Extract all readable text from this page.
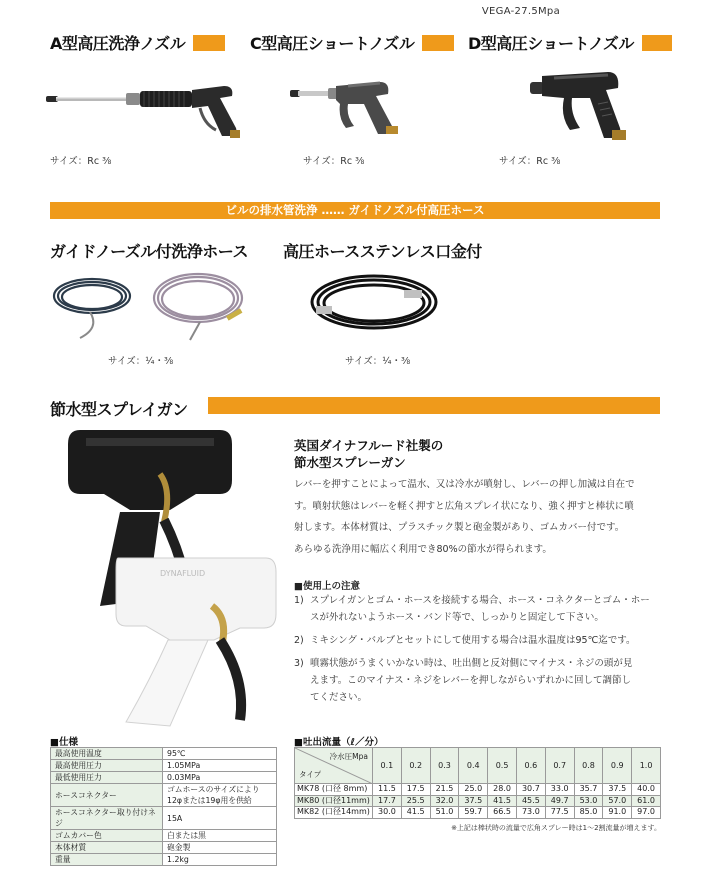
VEGA-27.5Mpa
A型高圧洗浄ノズル	C型高圧ショートノズル	D型高圧ショートノズル
サイズ：Rc ⅜	サイズ：Rc ⅜	サイズ：Rc ⅜
ビルの排水管洗浄 …… ガイドノズル付高圧ホース
ガイドノーズル付洗浄ホース 高圧ホースステンレス口金付
サイズ：¼・⅜	サイズ：¼・⅜
節水型スプレイガン
DYNAFLUID
英国ダイナフルード社製の
節水型スプレーガン
レバーを押すことによって温水、又は冷水が噴射し、レバーの押し加減は自在で
す。噴射状態はレバーを軽く押すと広角スプレイ状になり、強く押すと棒状に噴
射します。本体材質は、プラスチック製と砲金製があり、ゴムカバー付です。
あらゆる洗浄用に幅広く利用でき80%の節水が得られます。
■使用上の注意
1) スプレイガンとゴム・ホースを接続する場合、ホース・コネクターとゴム・ホー
スが外れないようホース・バンド等で、しっかりと固定して下さい。
2) ミキシング・バルブとセットにして使用する場合は温水温度は95℃迄です。
3) 噴霧状態がうまくいかない時は、吐出側と反対側にマイナス・ネジの頭が見
えます。このマイナス・ネジをレバーを押しながらいずれかに回して調節し
てください。
■仕様
最高使用温度	95℃
最高使用圧力	1.05MPa
最低使用圧力	0.03MPa
ホースコネクター	ゴムホースのサイズにより
12φまたは19φ用を供給

ホースコネクター取り付けネジ	15A
ゴムカバー色	白または黒
本体材質	砲金製
重量	1.2kg
■吐出流量（ℓ／分）
冷水圧Mpa
タイプ	0.1	0.2	0.3	0.4	0.5	0.6	0.7	0.8	0.9	1.0
MK78 (口径 8mm)	11.5	17.5	21.5	25.0	28.0	30.7	33.0	35.7	37.5	40.0
MK80 (口径11mm)	17.7	25.5	32.0	37.5	41.5	45.5	49.7	53.0	57.0	61.0
MK82 (口径14mm)	30.0	41.5	51.0	59.7	66.5	73.0	77.5	85.0	91.0	97.0
※上記は棒状時の流量で広角スプレー時は1～2割流量が増えます。
